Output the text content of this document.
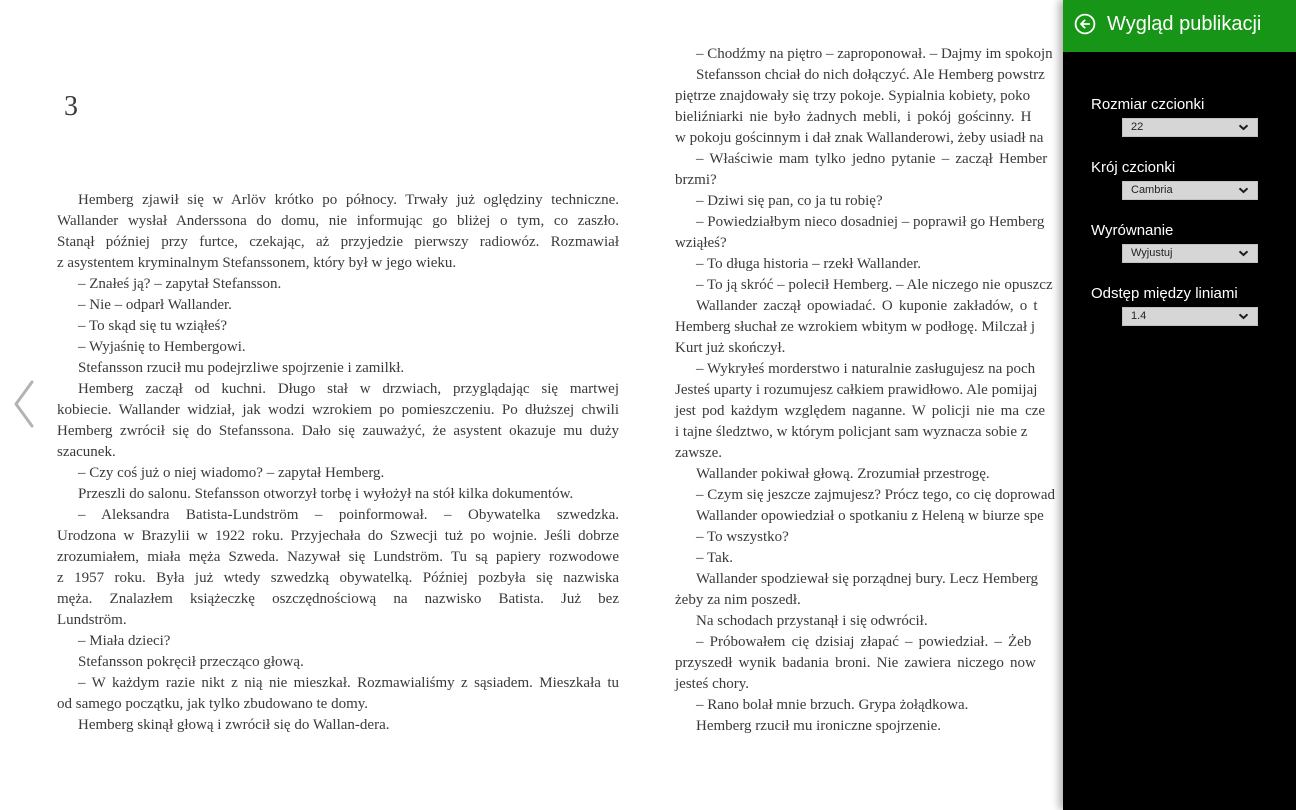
3
Hemberg zjawił się w Arlöv krótko po północy. Trwały już oględziny techniczne.
Wallander wysłał Anderssona do domu, nie informując go bliżej o tym, co zaszło.
Stanął później przy furtce, czekając, aż przyjedzie pierwszy radiowóz. Rozmawiał
z asystentem kryminalnym Stefanssonem, który był w jego wieku.
– Znałeś ją? – zapytał Stefansson.
– Nie – odparł Wallander.
– To skąd się tu wziąłeś?
– Wyjaśnię to Hembergowi.
Stefansson rzucił mu podejrzliwe spojrzenie i zamilkł.
Hemberg zaczął od kuchni. Długo stał w drzwiach, przyglądając się martwej
kobiecie. Wallander widział, jak wodzi wzrokiem po pomieszczeniu. Po dłuższej chwili
Hemberg zwrócił się do Stefanssona. Dało się zauważyć, że asystent okazuje mu duży
szacunek.
– Czy coś już o niej wiadomo? – zapytał Hemberg.
Przeszli do salonu. Stefansson otworzył torbę i wyłożył na stół kilka dokumentów.
– Aleksandra Batista-Lundström – poinformował. – Obywatelka szwedzka.
Urodzona w Brazylii w 1922 roku. Przyjechała do Szwecji tuż po wojnie. Jeśli dobrze
zrozumiałem, miała męża Szweda. Nazywał się Lundström. Tu są papiery rozwodowe
z 1957 roku. Była już wtedy szwedzką obywatelką. Później pozbyła się nazwiska
męża. Znalazłem książeczkę oszczędnościową na nazwisko Batista. Już bez
Lundström.
– Miała dzieci?
Stefansson pokręcił przecząco głową.
– W każdym razie nikt z nią nie mieszkał. Rozmawialiśmy z sąsiadem. Mieszkała tu
od samego początku, jak tylko zbudowano te domy.
Hemberg skinął głową i zwrócił się do Wallan-dera.
– Chodźmy na piętro – zaproponował. – Dajmy im spokojn
Stefansson chciał do nich dołączyć. Ale Hemberg powstrz
piętrze znajdowały się trzy pokoje. Sypialnia kobiety, poko
bieliźniarki nie było żadnych mebli, i pokój gościnny. H
w pokoju gościnnym i dał znak Wallanderowi, żeby usiadł na
– Właściwie mam tylko jedno pytanie – zaczął Hember
brzmi?
– Dziwi się pan, co ja tu robię?
– Powiedziałbym nieco dosadniej – poprawił go Hemberg
wziąłeś?
– To długa historia – rzekł Wallander.
– To ją skróć – polecił Hemberg. – Ale niczego nie opuszcz
Wallander zaczął opowiadać. O kuponie zakładów, o t
Hemberg słuchał ze wzrokiem wbitym w podłogę. Milczał j
Kurt już skończył.
– Wykryłeś morderstwo i naturalnie zasługujesz na poch
Jesteś uparty i rozumujesz całkiem prawidłowo. Ale pomijaj
jest pod każdym względem naganne. W policji nie ma cze
i tajne śledztwo, w którym policjant sam wyznacza sobie z
zawsze.
Wallander pokiwał głową. Zrozumiał przestrogę.
– Czym się jeszcze zajmujesz? Prócz tego, co cię doprowad
Wallander opowiedział o spotkaniu z Heleną w biurze spe
– To wszystko?
– Tak.
Wallander spodziewał się porządnej bury. Lecz Hemberg
żeby za nim poszedł.
Na schodach przystanął i się odwrócił.
– Próbowałem cię dzisiaj złapać – powiedział. – Żeb
przyszedł wynik badania broni. Nie zawiera niczego now
jesteś chory.
– Rano bolał mnie brzuch. Grypa żołądkowa.
Hemberg rzucił mu ironiczne spojrzenie.
Wygląd publikacji
Rozmiar czcionki
22
Krój czcionki
Cambria
Wyrównanie
Wyjustuj
Odstęp między liniami
1.4
